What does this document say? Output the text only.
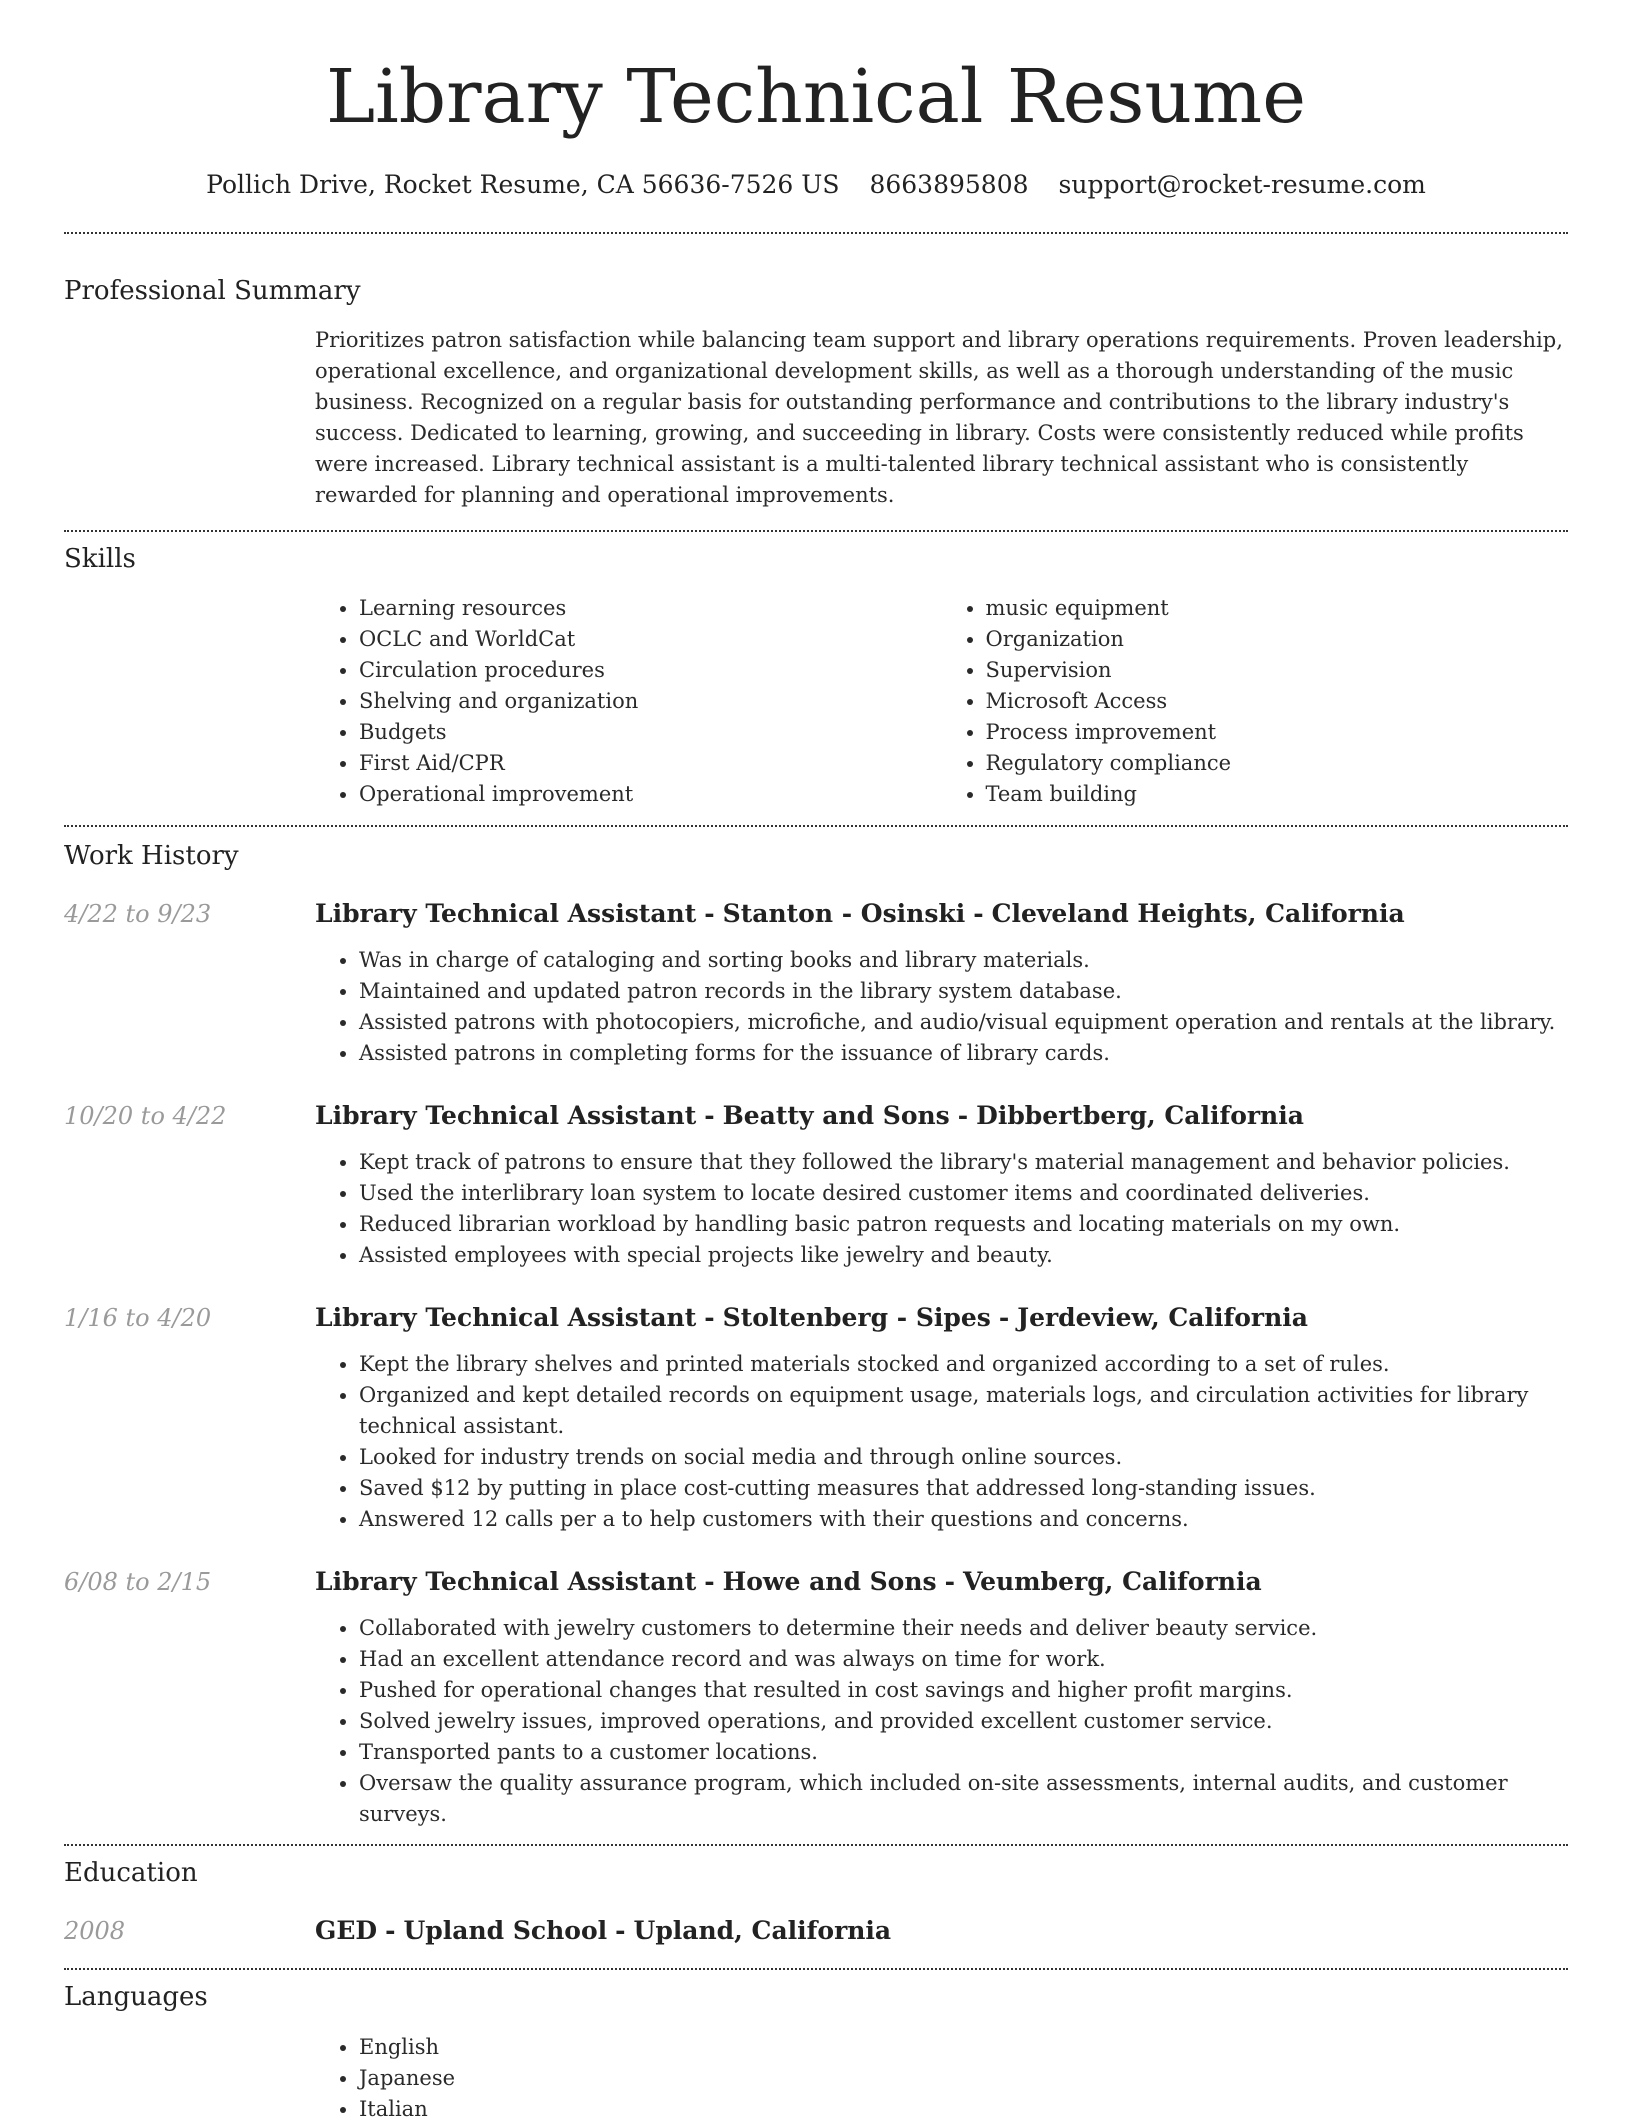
Library Technical Resume
Pollich Drive, Rocket Resume, CA 56636-7526 US 8663895808 support@rocket-resume.com
Professional Summary

Prioritizes patron satisfaction while balancing team support and library operations requirements. Proven leadership, operational excellence, and organizational development skills, as well as a thorough understanding of the music business. Recognized on a regular basis for outstanding performance and contributions to the library industry's success. Dedicated to learning, growing, and succeeding in library. Costs were consistently reduced while profits were increased. Library technical assistant is a multi-talented library technical assistant who is consistently rewarded for planning and operational improvements.

Skills
• Learning resources
• OCLC and WorldCat
• Circulation procedures
• Shelving and organization
• Budgets
• First Aid/CPR
• Operational improvement
• music equipment
• Organization
• Supervision
• Microsoft Access
• Process improvement
• Regulatory compliance
• Team building
Work History
4/22 to 9/23	Library Technical Assistant - Stanton - Osinski - Cleveland Heights, California
• Was in charge of cataloging and sorting books and library materials.
• Maintained and updated patron records in the library system database.
• Assisted patrons with photocopiers, microfiche, and audio/visual equipment operation and rentals at the library.
• Assisted patrons in completing forms for the issuance of library cards.
10/20 to 4/22	Library Technical Assistant - Beatty and Sons - Dibbertberg, California
• Kept track of patrons to ensure that they followed the library's material management and behavior policies.
• Used the interlibrary loan system to locate desired customer items and coordinated deliveries.
• Reduced librarian workload by handling basic patron requests and locating materials on my own.
• Assisted employees with special projects like jewelry and beauty.
1/16 to 4/20	Library Technical Assistant - Stoltenberg - Sipes - Jerdeview, California
• Kept the library shelves and printed materials stocked and organized according to a set of rules.
• Organized and kept detailed records on equipment usage, materials logs, and circulation activities for library technical assistant.
• Looked for industry trends on social media and through online sources.
• Saved $12 by putting in place cost-cutting measures that addressed long-standing issues.
• Answered 12 calls per a to help customers with their questions and concerns.
6/08 to 2/15	Library Technical Assistant - Howe and Sons - Veumberg, California
• Collaborated with jewelry customers to determine their needs and deliver beauty service.
• Had an excellent attendance record and was always on time for work.
• Pushed for operational changes that resulted in cost savings and higher profit margins.
• Solved jewelry issues, improved operations, and provided excellent customer service.
• Transported pants to a customer locations.
• Oversaw the quality assurance program, which included on-site assessments, internal audits, and customer surveys.
Education
2008	GED - Upland School - Upland, California
Languages
• English
• Japanese
• Italian
